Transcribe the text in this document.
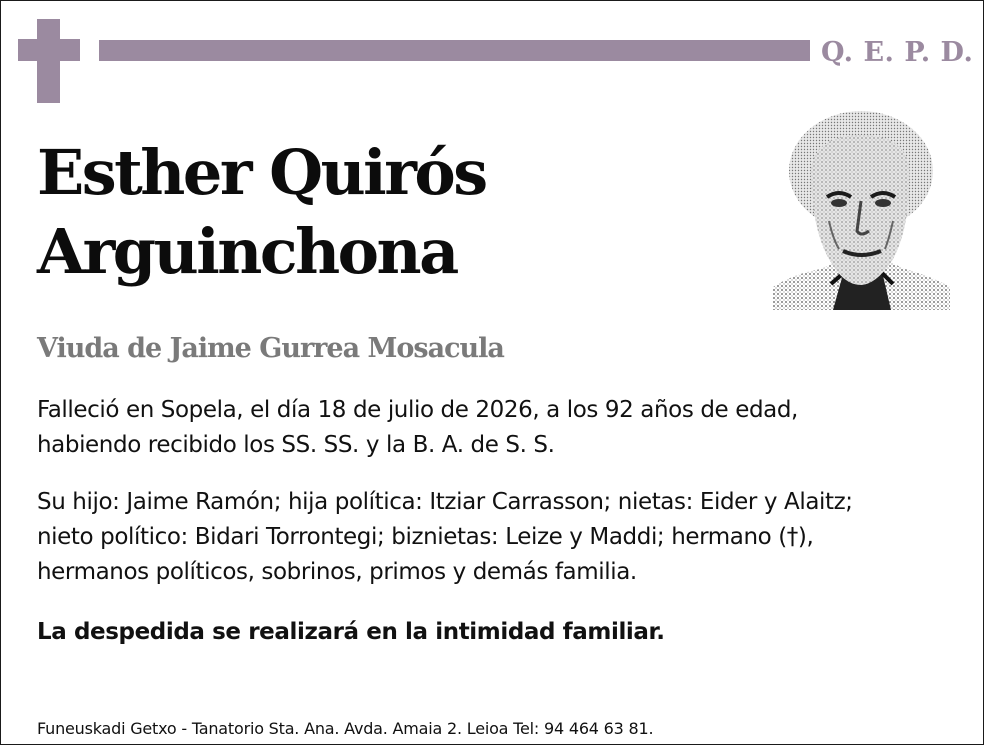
Q. E. P. D.
Esther Quirós
Arguinchona
Viuda de Jaime Gurrea Mosacula
Falleció en Sopela, el día 18 de julio de 2026, a los 92 años de edad,
habiendo recibido los SS. SS. y la B. A. de S. S.
Su hijo: Jaime Ramón; hija política: Itziar Carrasson; nietas: Eider y Alaitz;
nieto político: Bidari Torrontegi; biznietas: Leize y Maddi; hermano (†),
hermanos políticos, sobrinos, primos y demás familia.
La despedida se realizará en la intimidad familiar.
Funeuskadi Getxo - Tanatorio Sta. Ana. Avda. Amaia 2. Leioa Tel: 94 464 63 81.
